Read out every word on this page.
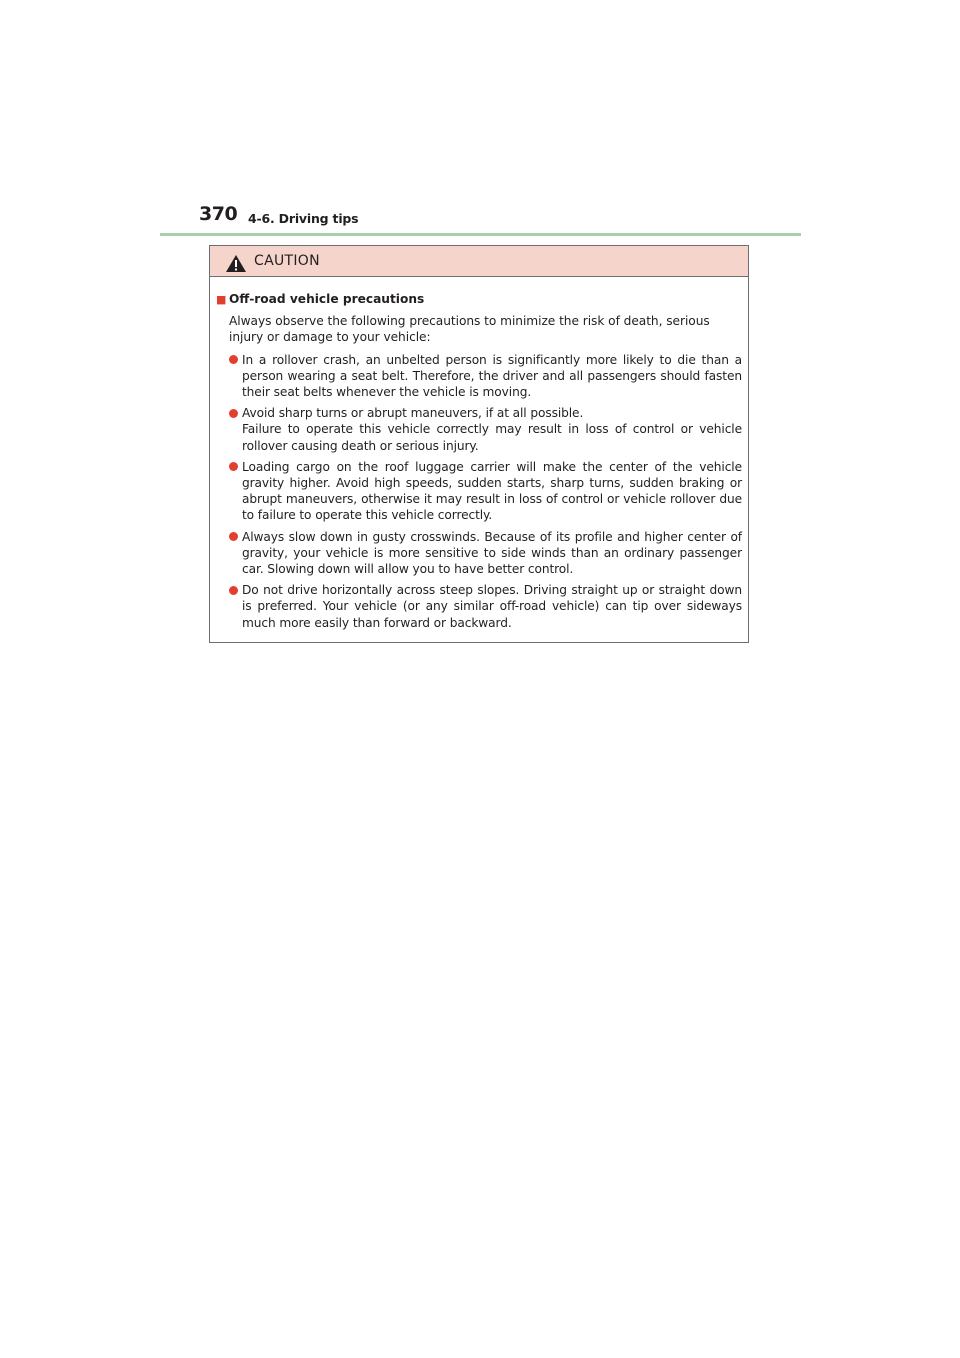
370 4-6. Driving tips
CAUTION
■ Off-road vehicle precautions
Always observe the following precautions to minimize the risk of death, serious injury or damage to your vehicle:
In a rollover crash, an unbelted person is significantly more likely to die than a person wearing a seat belt. Therefore, the driver and all passengers should fasten their seat belts whenever the vehicle is moving.
Avoid sharp turns or abrupt maneuvers, if at all possible.
Failure to operate this vehicle correctly may result in loss of control or vehicle rollover causing death or serious injury.
Loading cargo on the roof luggage carrier will make the center of the vehicle gravity higher. Avoid high speeds, sudden starts, sharp turns, sudden braking or abrupt maneuvers, otherwise it may result in loss of control or vehicle rollover due to failure to operate this vehicle correctly.
Always slow down in gusty crosswinds. Because of its profile and higher center of gravity, your vehicle is more sensitive to side winds than an ordinary passenger car. Slowing down will allow you to have better control.
Do not drive horizontally across steep slopes. Driving straight up or straight down is preferred. Your vehicle (or any similar off-road vehicle) can tip over sideways much more easily than forward or backward.
